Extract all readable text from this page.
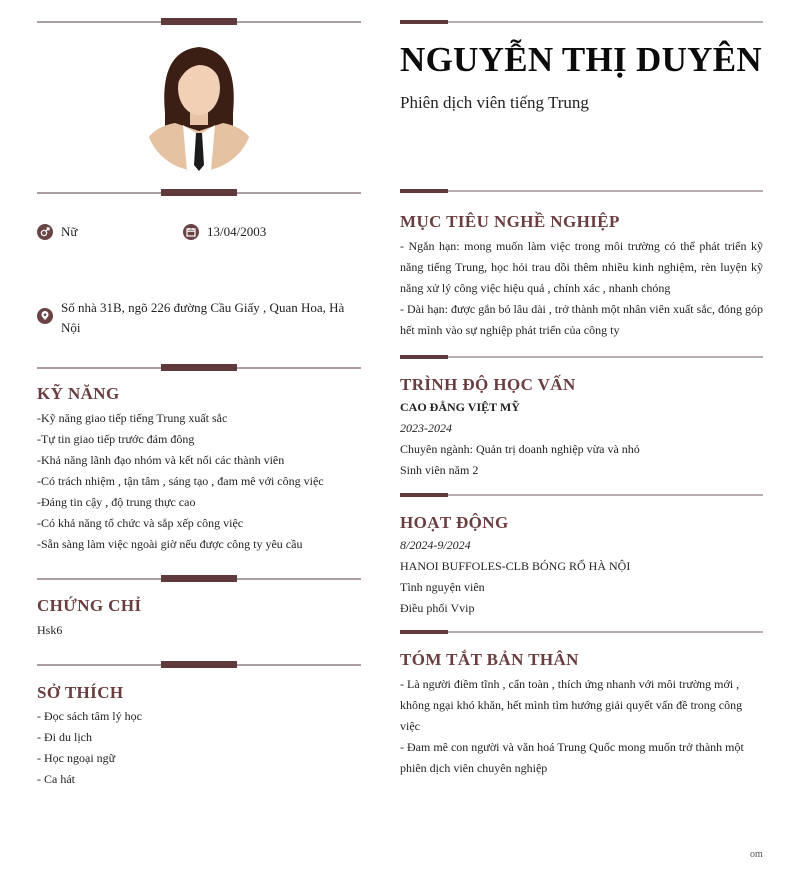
Nữ	13/04/2003
Số nhà 31B, ngõ 226 đường Cầu Giấy , Quan Hoa, Hà Nội
KỸ NĂNG

-Kỹ năng giao tiếp tiếng Trung xuất sắc

-Tự tin giao tiếp trước đám đông

-Khả năng lãnh đạo nhóm và kết nối các thành viên

-Có trách nhiệm , tận tâm , sáng tạo , đam mê với công việc

-Đáng tin cậy , độ trung thực cao

-Có khả năng tổ chức và sắp xếp công việc

-Sẵn sàng làm việc ngoài giờ nếu được công ty yêu cầu

CHỨNG CHỈ

Hsk6

SỞ THÍCH

- Đọc sách tâm lý học

- Đi du lịch

- Học ngoại ngữ

- Ca hát

NGUYỄN THỊ DUYÊN

Phiên dịch viên tiếng Trung

MỤC TIÊU NGHỀ NGHIỆP

- Ngắn hạn: mong muốn làm việc trong môi trường có thể phát triển kỹ năng tiếng Trung, học hỏi trau dồi thêm nhiều kinh nghiệm, rèn luyện kỹ năng xử lý công việc hiệu quả , chính xác , nhanh chóng

- Dài hạn: được gắn bó lâu dài , trở thành một nhân viên xuất sắc, đóng góp hết mình vào sự nghiệp phát triển của công ty

TRÌNH ĐỘ HỌC VẤN

CAO ĐẲNG VIỆT MỸ

2023-2024

Chuyên ngành: Quản trị doanh nghiệp vừa và nhỏ

Sinh viên năm 2

HOẠT ĐỘNG

8/2024-9/2024

HANOI BUFFOLES-CLB BÓNG RỔ HÀ NỘI

Tình nguyện viên

Điều phối Vvip

TÓM TẮT BẢN THÂN

- Là người điềm tĩnh , cẩn toàn , thích ứng nhanh với môi trường mới , không ngại khó khăn, hết mình tìm hướng giải quyết vấn đề trong công việc

- Đam mê con người và văn hoá Trung Quốc mong muốn trở thành một phiên dịch viên chuyên nghiệp

om
